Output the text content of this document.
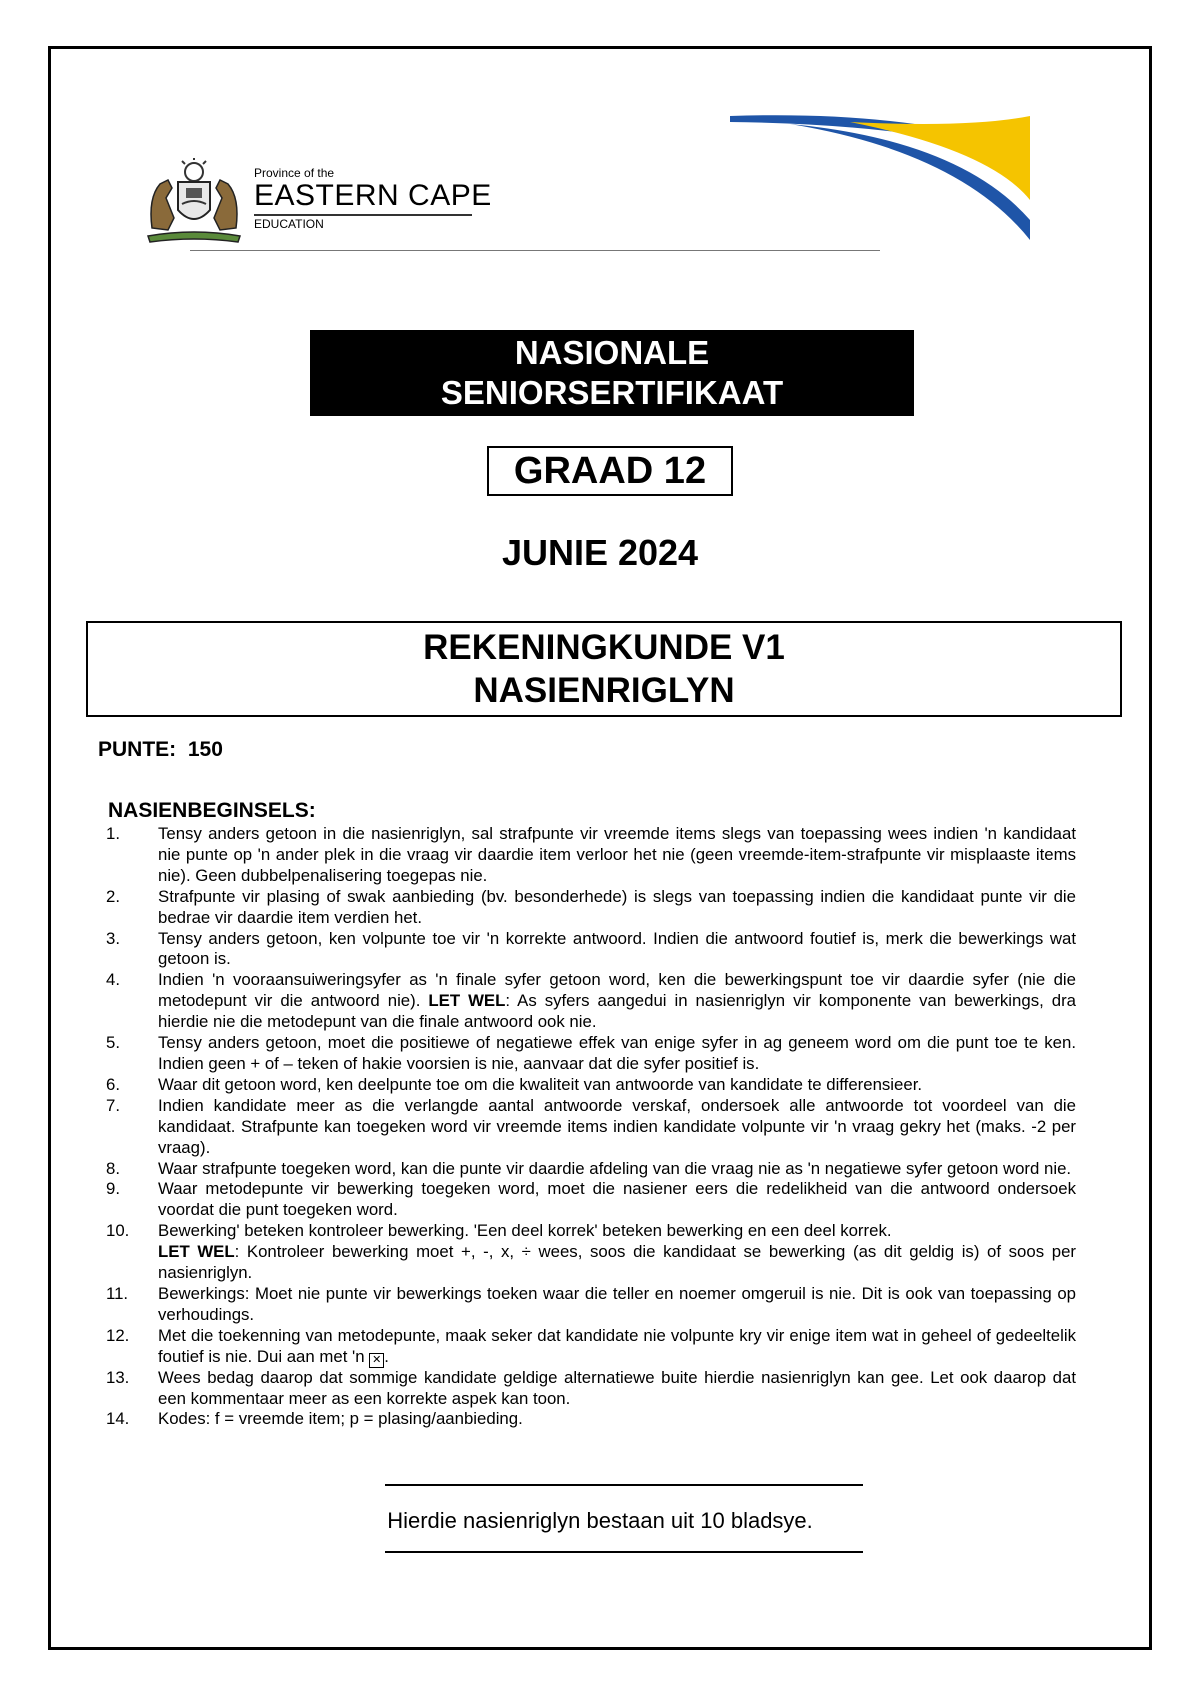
Province of the
EASTERN CAPE
EDUCATION
NASIONALE
SENIORSERTIFIKAAT
GRAAD 12
JUNIE 2024
REKENINGKUNDE V1
NASIENRIGLYN
PUNTE: 150
NASIENBEGINSELS:
1.	Tensy anders getoon in die nasienriglyn, sal strafpunte vir vreemde items slegs van toepassing wees indien 'n kandidaat nie punte op 'n ander plek in die vraag vir daardie item verloor het nie (geen vreemde-item-strafpunte vir misplaaste items nie). Geen dubbelpenalisering toegepas nie.
2.	Strafpunte vir plasing of swak aanbieding (bv. besonderhede) is slegs van toepassing indien die kandidaat punte vir die bedrae vir daardie item verdien het.
3.	Tensy anders getoon, ken volpunte toe vir 'n korrekte antwoord. Indien die antwoord foutief is, merk die bewerkings wat getoon is.
4.	Indien 'n vooraansuiweringsyfer as 'n finale syfer getoon word, ken die bewerkingspunt toe vir daardie syfer (nie die metodepunt vir die antwoord nie). LET WEL: As syfers aangedui in nasienriglyn vir komponente van bewerkings, dra hierdie nie die metodepunt van die finale antwoord ook nie.
5.	Tensy anders getoon, moet die positiewe of negatiewe effek van enige syfer in ag geneem word om die punt toe te ken. Indien geen + of – teken of hakie voorsien is nie, aanvaar dat die syfer positief is.
6.	Waar dit getoon word, ken deelpunte toe om die kwaliteit van antwoorde van kandidate te differensieer.
7.	Indien kandidate meer as die verlangde aantal antwoorde verskaf, ondersoek alle antwoorde tot voordeel van die kandidaat. Strafpunte kan toegeken word vir vreemde items indien kandidate volpunte vir 'n vraag gekry het (maks. -2 per vraag).
8.	Waar strafpunte toegeken word, kan die punte vir daardie afdeling van die vraag nie as 'n negatiewe syfer getoon word nie.
9.	Waar metodepunte vir bewerking toegeken word, moet die nasiener eers die redelikheid van die antwoord ondersoek voordat die punt toegeken word.
10.	Bewerking' beteken kontroleer bewerking. 'Een deel korrek' beteken bewerking en een deel korrek.
LET WEL: Kontroleer bewerking moet +, -, x, ÷ wees, soos die kandidaat se bewerking (as dit geldig is) of soos per nasienriglyn.
11.	Bewerkings: Moet nie punte vir bewerkings toeken waar die teller en noemer omgeruil is nie. Dit is ook van toepassing op verhoudings.
12.	Met die toekenning van metodepunte, maak seker dat kandidate nie volpunte kry vir enige item wat in geheel of gedeeltelik foutief is nie. Dui aan met 'n ✕ .
13.	Wees bedag daarop dat sommige kandidate geldige alternatiewe buite hierdie nasienriglyn kan gee. Let ook daarop dat een kommentaar meer as een korrekte aspek kan toon.
14.	Kodes: f = vreemde item; p = plasing/aanbieding.
Hierdie nasienriglyn bestaan uit 10 bladsye.
